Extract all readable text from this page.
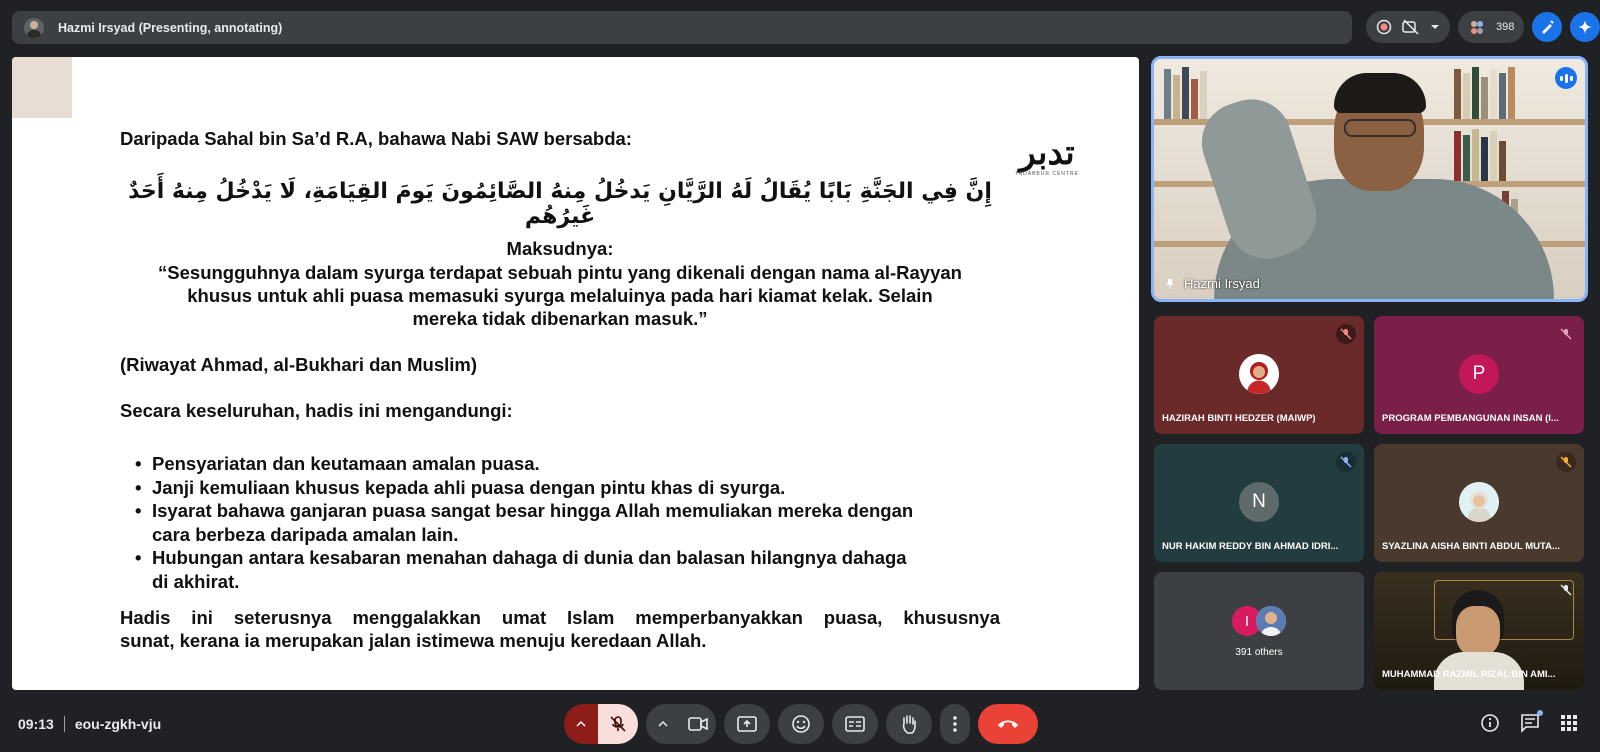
Hazmi Irsyad (Presenting, annotating)	398
تدبر
TADABBUR CENTRE
Daripada Sahal bin Sa’d R.A, bahawa Nabi SAW bersabda:
إِنَّ فِي الجَنَّةِ بَابًا يُقَالُ لَهُ الرَّيَّانِ يَدخُلُ مِنهُ الصَّائِمُونَ يَومَ القِيَامَةِ، لَا يَدْخُلُ مِنهُ أَحَدٌ غَيرُهُم
Maksudnya:
“Sesungguhnya dalam syurga terdapat sebuah pintu yang dikenali dengan nama al-Rayyan
khusus untuk ahli puasa memasuki syurga melaluinya pada hari kiamat kelak. Selain
mereka tidak dibenarkan masuk.”
(Riwayat Ahmad, al-Bukhari dan Muslim)
Secara keseluruhan, hadis ini mengandungi:
• Pensyariatan dan keutamaan amalan puasa.
• Janji kemuliaan khusus kepada ahli puasa dengan pintu khas di syurga.
• Isyarat bahawa ganjaran puasa sangat besar hingga Allah memuliakan mereka dengan
cara berbeza daripada amalan lain.
• Hubungan antara kesabaran menahan dahaga di dunia dan balasan hilangnya dahaga
di akhirat.
Hadis ini seterusnya menggalakkan umat Islam memperbanyakkan puasa, khususnya
sunat, kerana ia merupakan jalan istimewa menuju keredaan Allah.
Hazmi Irsyad
HAZIRAH BINTI HEDZER (MAIWP)
P
PROGRAM PEMBANGUNAN INSAN (I...
N
NUR HAKIM REDDY BIN AHMAD IDRI...	SYAZLINA AISHA BINTI ABDUL MUTA...
I
391 others
MUHAMMAD RAZMIL RIZAL BIN AMI...
09:13 eou-zgkh-vju
